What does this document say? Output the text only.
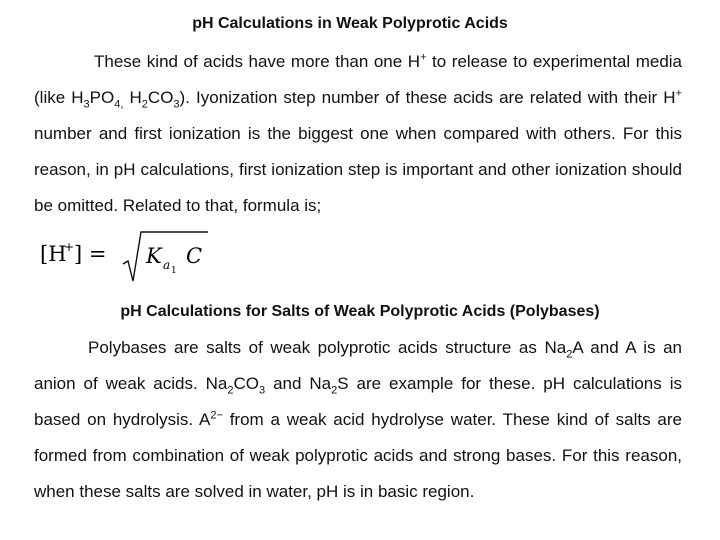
pH Calculations in Weak Polyprotic Acids
These kind of acids have more than one H+ to release to experimental media (like $H_3PO_{4,}$ $H_2CO_3$). Iyonization step number of these acids are related with their H+ number and first ionization is the biggest one when compared with others. For this reason, in pH calculations, first ionization step is important and other ionization should be omitted. Related to that, formula is;
[H
+ ] = K a 1
C
pH Calculations for Salts of Weak Polyprotic Acids (Polybases)
Polybases are salts of weak polyprotic acids structure as $Na_2A$ and A is an anion of weak acids. $Na_2CO_3$ and $Na_2S$ are example for these. pH calculations is based on hydrolysis. $A^{2-}$ from a weak acid hydrolyse water. These kind of salts are formed from combination of weak polyprotic acids and strong bases. For this reason, when these salts are solved in water, pH is in basic region.
